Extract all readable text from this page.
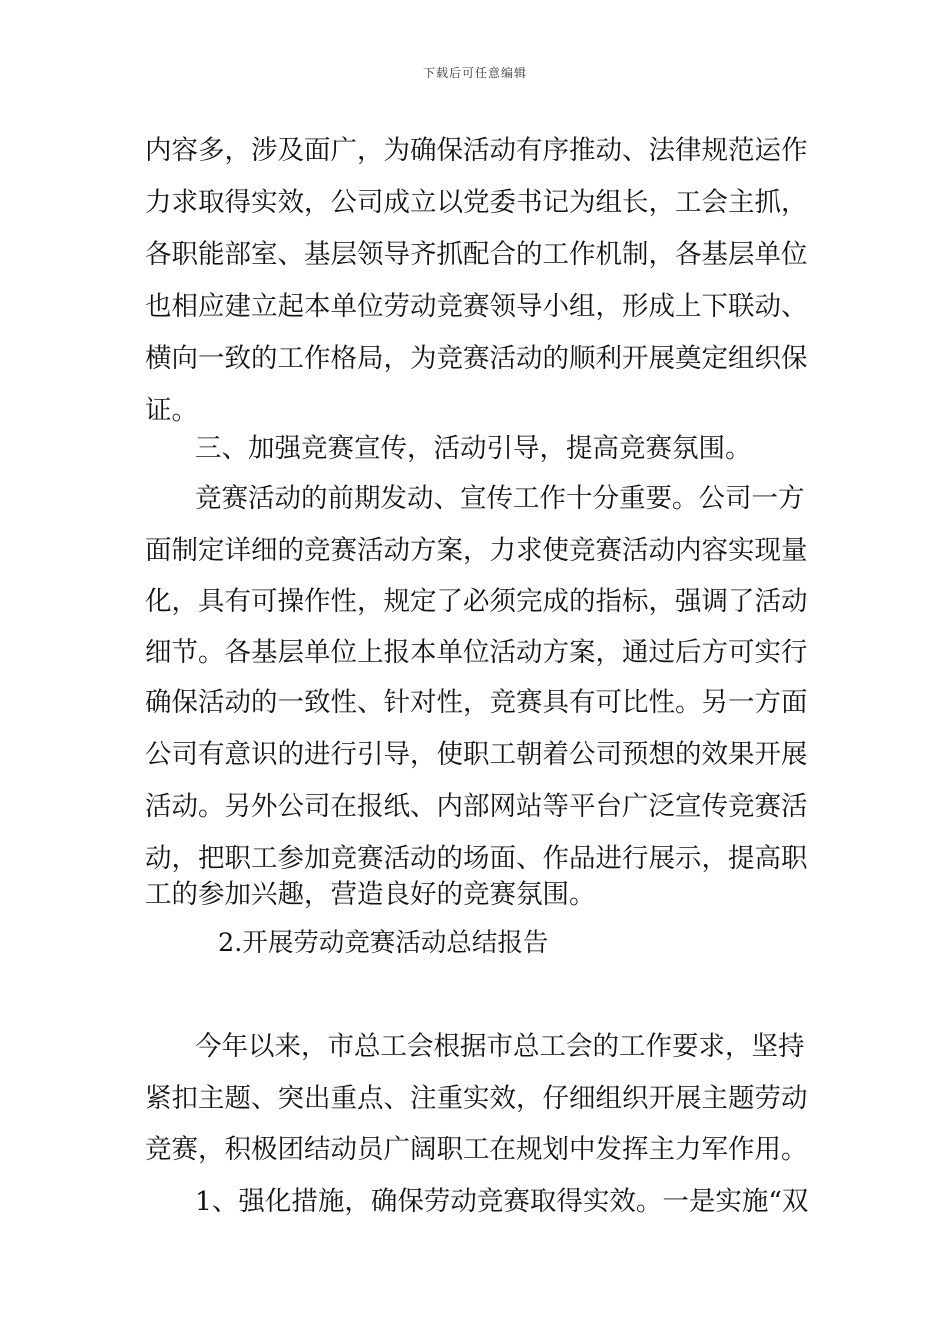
下载后可任意编辑
内容多，涉及面广，为确保活动有序推动、法律规范运作
力求取得实效，公司成立以党委书记为组长，工会主抓，
各职能部室、基层领导齐抓配合的工作机制，各基层单位
也相应建立起本单位劳动竞赛领导小组，形成上下联动、
横向一致的工作格局，为竞赛活动的顺利开展奠定组织保
证。
三、加强竞赛宣传，活动引导，提高竞赛氛围。
竞赛活动的前期发动、宣传工作十分重要。公司一方
面制定详细的竞赛活动方案，力求使竞赛活动内容实现量
化，具有可操作性，规定了必须完成的指标，强调了活动
细节。各基层单位上报本单位活动方案，通过后方可实行
确保活动的一致性、针对性，竞赛具有可比性。另一方面
公司有意识的进行引导，使职工朝着公司预想的效果开展
活动。另外公司在报纸、内部网站等平台广泛宣传竞赛活
动，把职工参加竞赛活动的场面、作品进行展示，提高职
工的参加兴趣，营造良好的竞赛氛围。
2.开展劳动竞赛活动总结报告
今年以来，市总工会根据市总工会的工作要求，坚持
紧扣主题、突出重点、注重实效，仔细组织开展主题劳动
竞赛，积极团结动员广阔职工在规划中发挥主力军作用。
1、强化措施，确保劳动竞赛取得实效。一是实施“双
